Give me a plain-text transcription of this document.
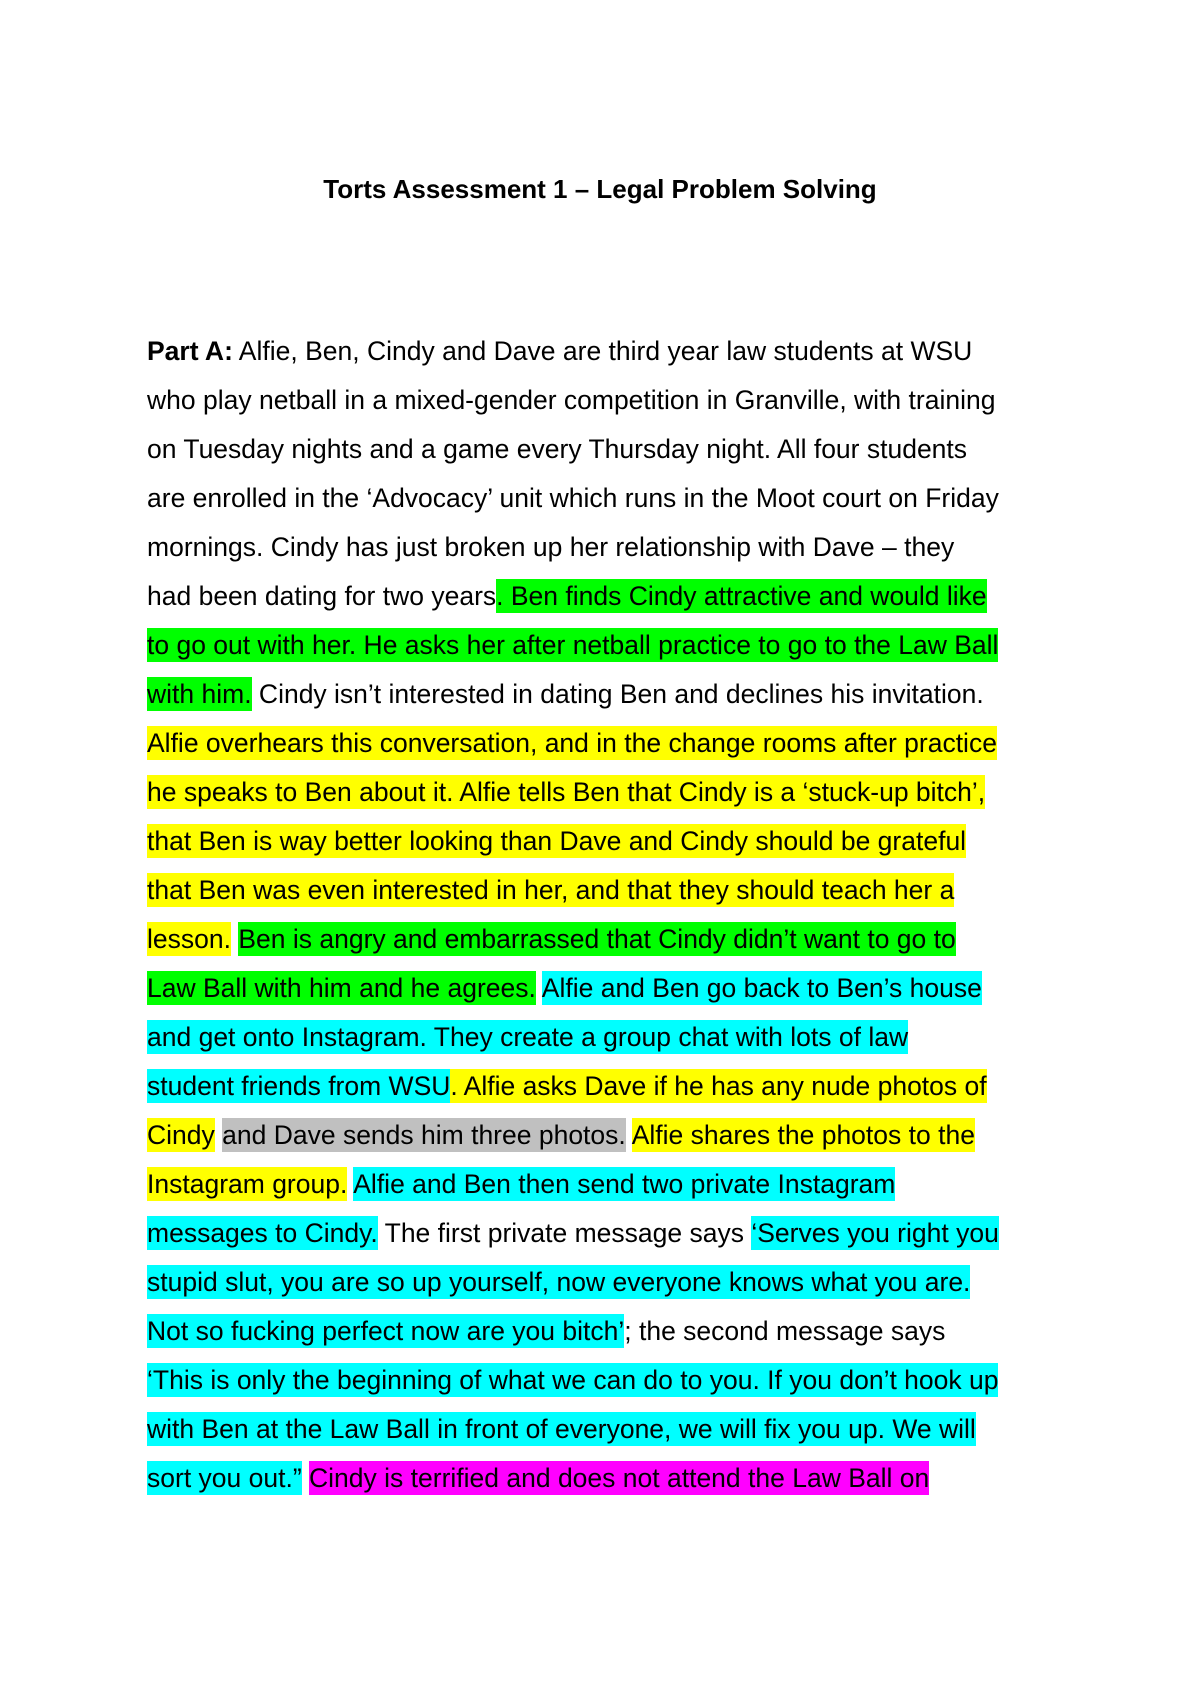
Torts Assessment 1 – Legal Problem Solving
Part A: Alfie, Ben, Cindy and Dave are third year law students at WSU
who play netball in a mixed-gender competition in Granville, with training
on Tuesday nights and a game every Thursday night. All four students
are enrolled in the ‘Advocacy’ unit which runs in the Moot court on Friday
mornings. Cindy has just broken up her relationship with Dave – they
had been dating for two years. Ben finds Cindy attractive and would like
to go out with her. He asks her after netball practice to go to the Law Ball
with him. Cindy isn’t interested in dating Ben and declines his invitation.
Alfie overhears this conversation, and in the change rooms after practice
he speaks to Ben about it. Alfie tells Ben that Cindy is a ‘stuck-up bitch’,
that Ben is way better looking than Dave and Cindy should be grateful
that Ben was even interested in her, and that they should teach her a
lesson. Ben is angry and embarrassed that Cindy didn’t want to go to
Law Ball with him and he agrees. Alfie and Ben go back to Ben’s house
and get onto Instagram. They create a group chat with lots of law
student friends from WSU. Alfie asks Dave if he has any nude photos of
Cindy and Dave sends him three photos. Alfie shares the photos to the
Instagram group. Alfie and Ben then send two private Instagram
messages to Cindy. The first private message says ‘Serves you right you
stupid slut, you are so up yourself, now everyone knows what you are.
Not so fucking perfect now are you bitch’; the second message says
‘This is only the beginning of what we can do to you. If you don’t hook up
with Ben at the Law Ball in front of everyone, we will fix you up. We will
sort you out.” Cindy is terrified and does not attend the Law Ball on
